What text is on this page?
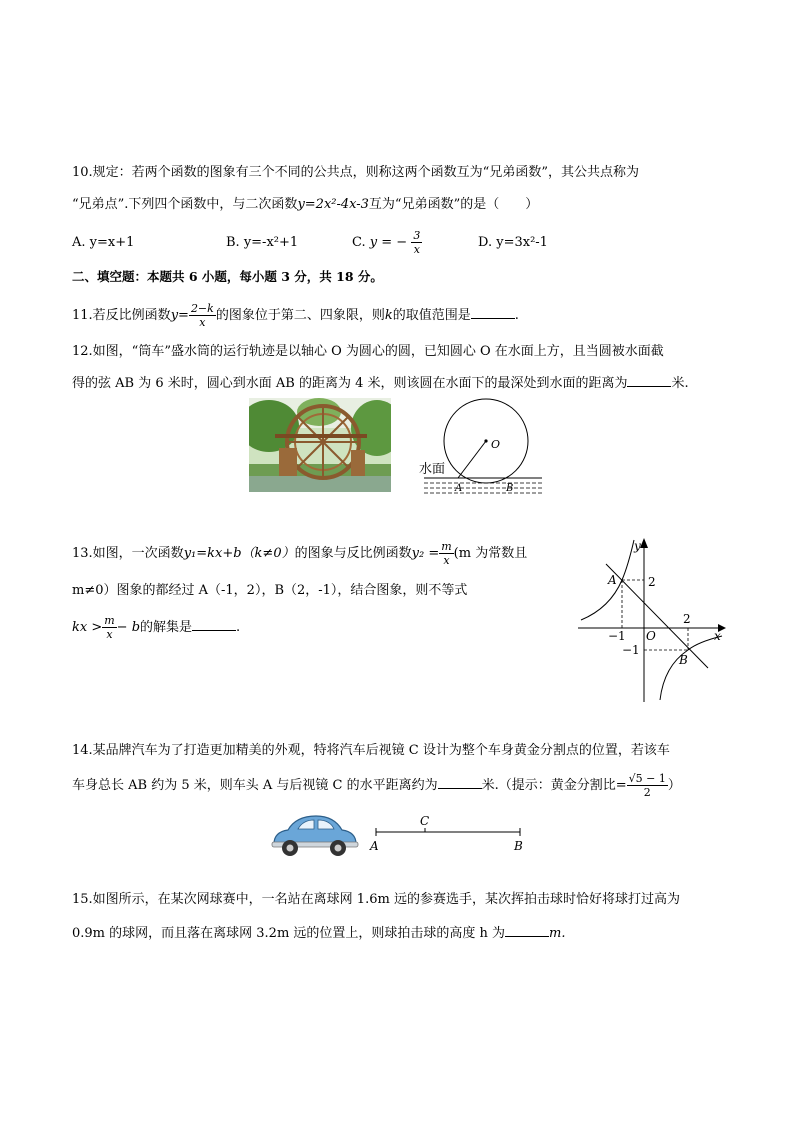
10.规定：若两个函数的图象有三个不同的公共点，则称这两个函数互为“兄弟函数”，其公共点称为
“兄弟点”.下列四个函数中，与二次函数y=2x²-4x-3互为“兄弟函数”的是（　　）
A. y=x+1	B. y=-x²+1	C. y = − $\frac{3}{x}$	D. y=3x²-1
二、填空题：本题共 6 小题，每小题 3 分，共 18 分。
11.若反比例函数$y= \frac{2-k}{x}$ 的图象位于第二、四象限，则k的取值范围是	.
12.如图，“筒车”盛水筒的运行轨迹是以轴心 O 为圆心的圆，已知圆心 O 在水面上方，且当圆被水面截
得的弦 AB 为 6 米时，圆心到水面 AB 的距离为 4 米，则该圆在水面下的最深处到水面的距离为	米.
O
A	B
水面
13.如图，一次函数y₁=kx+b（k≠0）的图象与反比例函数$y_2 = \frac{m}{x} (m$ 为常数且
m≠0）图象的都经过 A（-1，2），B（2，-1），结合图象，则不等式
kx > $\frac{m}{x} - b$的解集是	.
y
x
A
B
O
2
2
−1
−1
14.某品牌汽车为了打造更加精美的外观，特将汽车后视镜 C 设计为整个车身黄金分割点的位置，若该车
车身总长 AB 约为 5 米，则车头 A 与后视镜 C 的水平距离约为	米.（提示：黄金分割比= $\frac{√5 - 1}{2}$ ）
A	B
C
15.如图所示，在某次网球赛中，一名站在离球网 1.6m 远的参赛选手，某次挥拍击球时恰好将球打过高为
0.9m 的球网，而且落在离球网 3.2m 远的位置上，则球拍击球的高度 h 为	m.
